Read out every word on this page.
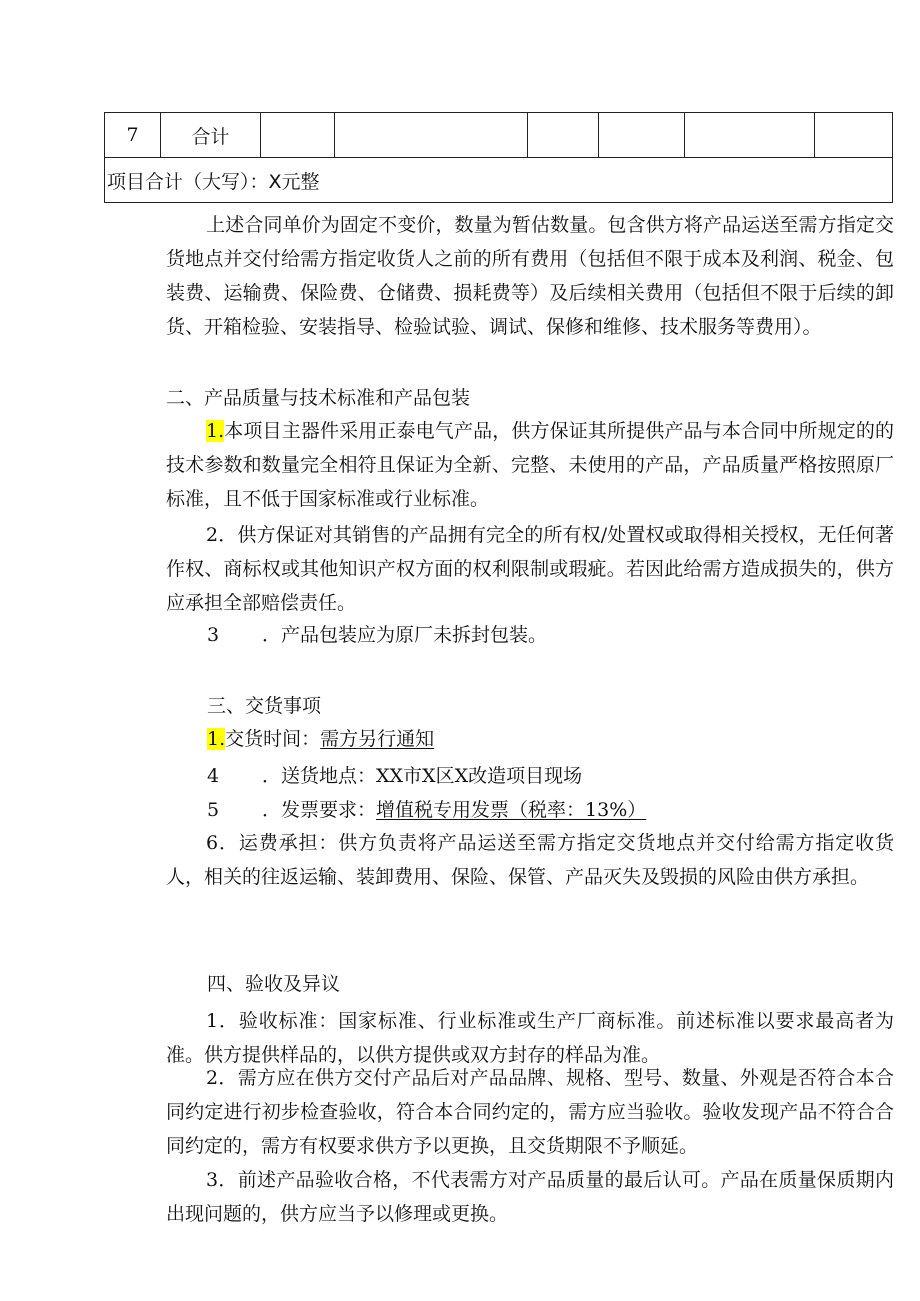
7	合计						
项目合计（大写）：X元整
上述合同单价为固定不变价，数量为暂估数量。包含供方将产品运送至需方指定交货地点并交付给需方指定收货人之前的所有费用（包括但不限于成本及利润、税金、包装费、运输费、保险费、仓储费、损耗费等）及后续相关费用（包括但不限于后续的卸货、开箱检验、安装指导、检验试验、调试、保修和维修、技术服务等费用）。
二、产品质量与技术标准和产品包装
1.本项目主器件采用正泰电气产品，供方保证其所提供产品与本合同中所规定的的技术参数和数量完全相符且保证为全新、完整、未使用的产品，产品质量严格按照原厂标准，且不低于国家标准或行业标准。
2．供方保证对其销售的产品拥有完全的所有权/处置权或取得相关授权，无任何著作权、商标权或其他知识产权方面的权利限制或瑕疵。若因此给需方造成损失的，供方应承担全部赔偿责任。
3 ．产品包装应为原厂未拆封包装。
三、交货事项
1.交货时间：需方另行通知
4 ．送货地点：XX市X区X改造项目现场
5 ．发票要求：增值税专用发票（税率：13%）
6．运费承担：供方负责将产品运送至需方指定交货地点并交付给需方指定收货人，相关的往返运输、装卸费用、保险、保管、产品灭失及毁损的风险由供方承担。
四、验收及异议
1．验收标准：国家标准、行业标准或生产厂商标准。前述标准以要求最高者为准。供方提供样品的，以供方提供或双方封存的样品为准。
2．需方应在供方交付产品后对产品品牌、规格、型号、数量、外观是否符合本合同约定进行初步检查验收，符合本合同约定的，需方应当验收。验收发现产品不符合合同约定的，需方有权要求供方予以更换，且交货期限不予顺延。
3．前述产品验收合格，不代表需方对产品质量的最后认可。产品在质量保质期内出现问题的，供方应当予以修理或更换。
